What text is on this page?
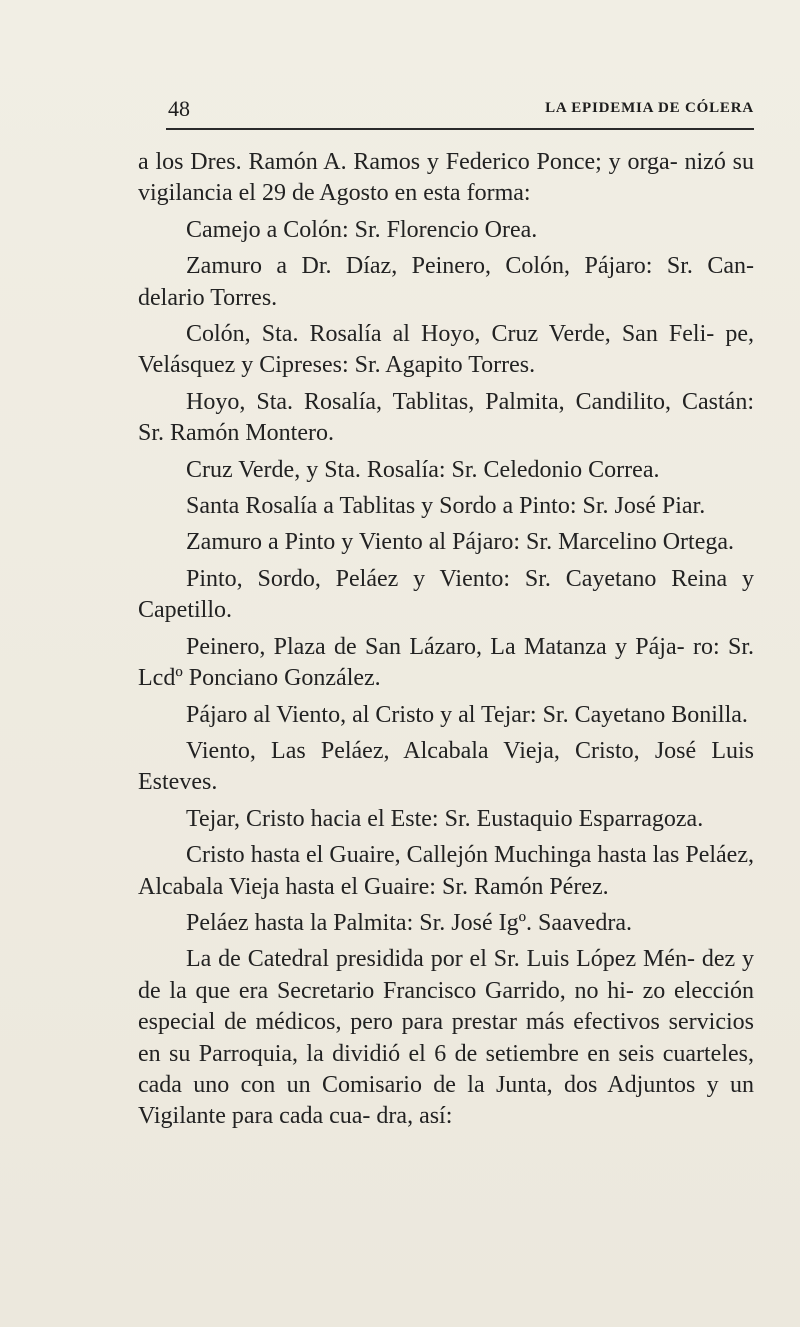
48	LA EPIDEMIA DE CÓLERA

a los Dres. Ramón A. Ramos y Federico Ponce; y orga- nizó su vigilancia el 29 de Agosto en esta forma:

Camejo a Colón: Sr. Florencio Orea.

Zamuro a Dr. Díaz, Peinero, Colón, Pájaro: Sr. Can- delario Torres.

Colón, Sta. Rosalía al Hoyo, Cruz Verde, San Feli- pe, Velásquez y Cipreses: Sr. Agapito Torres.

Hoyo, Sta. Rosalía, Tablitas, Palmita, Candilito, Castán: Sr. Ramón Montero.

Cruz Verde, y Sta. Rosalía: Sr. Celedonio Correa.

Santa Rosalía a Tablitas y Sordo a Pinto: Sr. José Piar.

Zamuro a Pinto y Viento al Pájaro: Sr. Marcelino Ortega.

Pinto, Sordo, Peláez y Viento: Sr. Cayetano Reina y Capetillo.

Peinero, Plaza de San Lázaro, La Matanza y Pája- ro: Sr. Lcdº Ponciano González.

Pájaro al Viento, al Cristo y al Tejar: Sr. Cayetano Bonilla.

Viento, Las Peláez, Alcabala Vieja, Cristo, José Luis Esteves.

Tejar, Cristo hacia el Este: Sr. Eustaquio Esparragoza.

Cristo hasta el Guaire, Callejón Muchinga hasta las Peláez, Alcabala Vieja hasta el Guaire: Sr. Ramón Pérez.

Peláez hasta la Palmita: Sr. José Igº. Saavedra.

La de Catedral presidida por el Sr. Luis López Mén- dez y de la que era Secretario Francisco Garrido, no hi- zo elección especial de médicos, pero para prestar más efectivos servicios en su Parroquia, la dividió el 6 de setiembre en seis cuarteles, cada uno con un Comisario de la Junta, dos Adjuntos y un Vigilante para cada cua- dra, así:
